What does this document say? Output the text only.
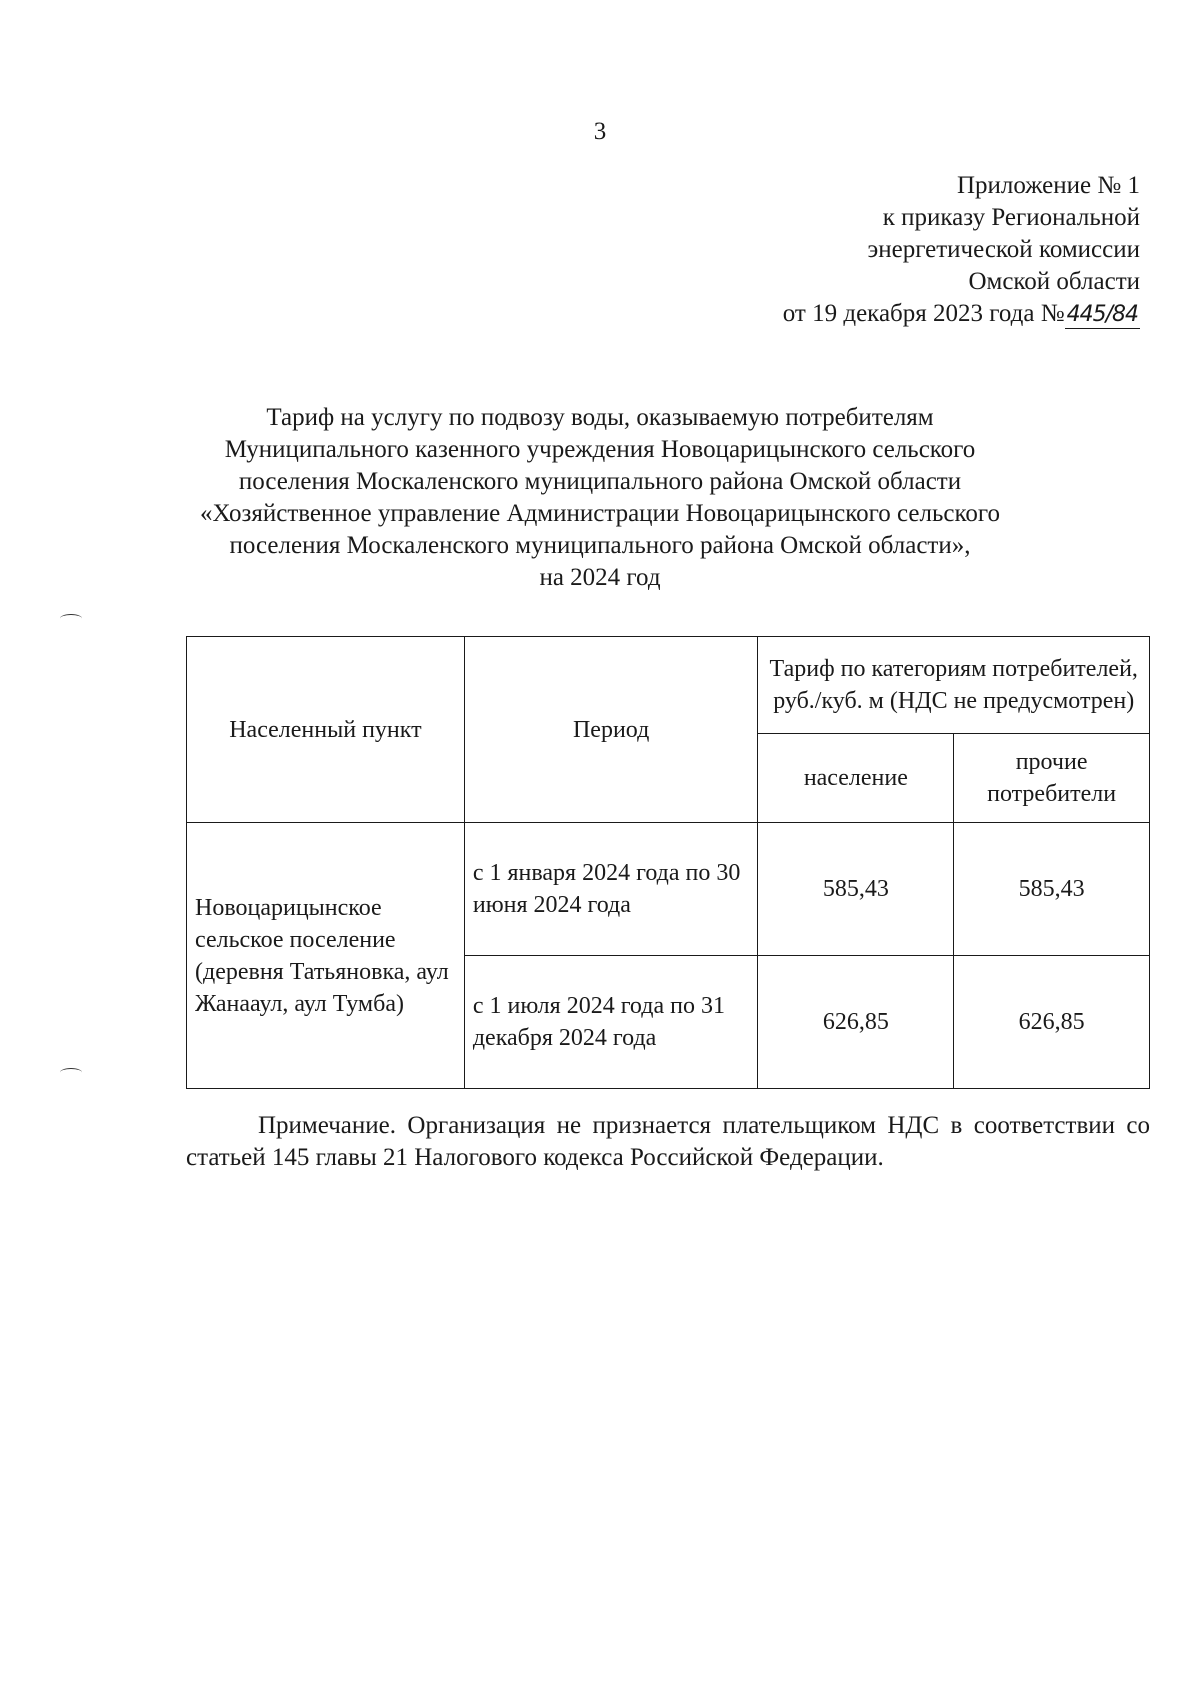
3
Приложение № 1
к приказу Региональной
энергетической комиссии
Омской области
от 19 декабря 2023 года №445/84
Тариф на услугу по подвозу воды, оказываемую потребителям
Муниципального казенного учреждения Новоцарицынского сельского
поселения Москаленского муниципального района Омской области
«Хозяйственное управление Администрации Новоцарицынского сельского
поселения Москаленского муниципального района Омской области»,
на 2024 год
Населенный пункт	Период	Тариф по категориям потребителей, руб./куб. м (НДС не предусмотрен)	
		население	прочие потребители
Новоцарицынское сельское поселение (деревня Татьяновка, аул Жанааул, аул Тумба)	с 1 января 2024 года по 30 июня 2024 года	585,43	585,43
	с 1 июля 2024 года по 31 декабря 2024 года	626,85	626,85
Примечание. Организация не признается плательщиком НДС в соответствии со статьей 145 главы 21 Налогового кодекса Российской Федерации.
